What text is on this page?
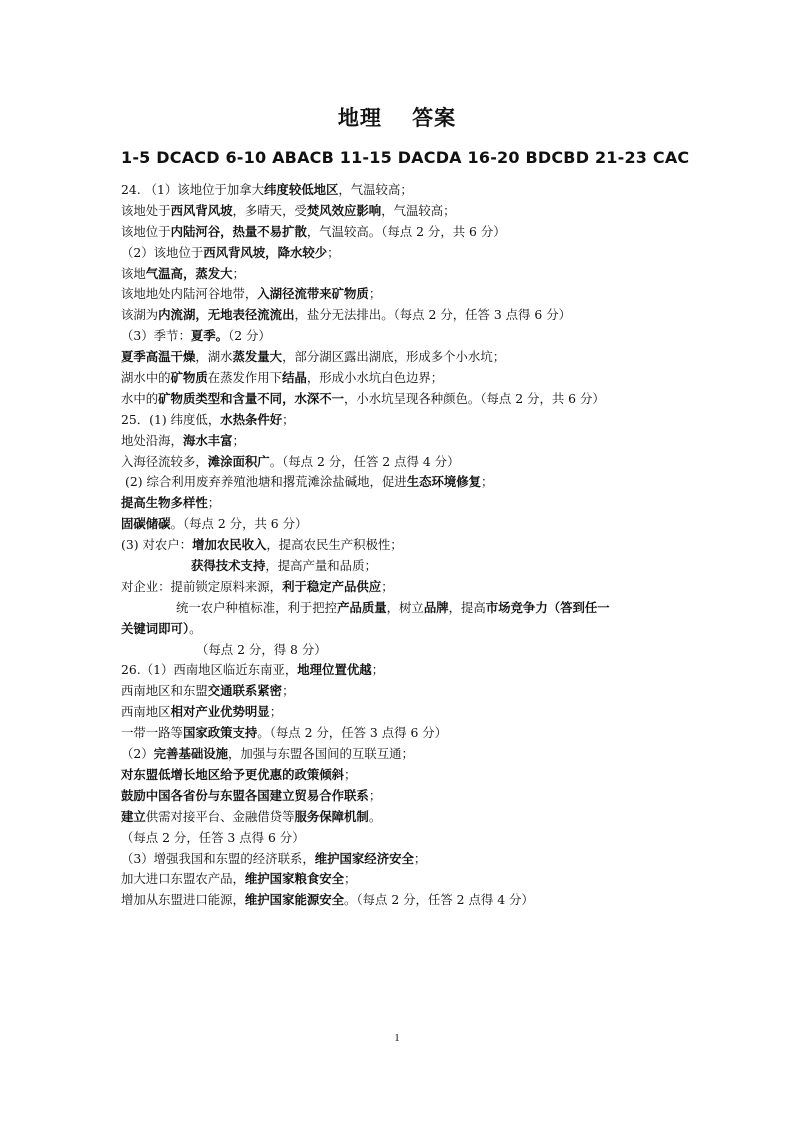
地理　 答案
1-5 DCACD 6-10 ABACB 11-15 DACDA 16-20 BDCBD 21-23 CAC
24. （1）该地位于加拿大纬度较低地区，气温较高；
该地处于西风背风坡，多晴天，受焚风效应影响，气温较高；
该地位于内陆河谷，热量不易扩散，气温较高。（每点 2 分，共 6 分）
（2）该地位于西风背风坡，降水较少；
该地气温高，蒸发大；
该地地处内陆河谷地带，入湖径流带来矿物质；
该湖为内流湖，无地表径流流出，盐分无法排出。（每点 2 分，任答 3 点得 6 分）
（3）季节：夏季。（2 分）
夏季高温干燥，湖水蒸发量大，部分湖区露出湖底，形成多个小水坑；
湖水中的矿物质在蒸发作用下结晶，形成小水坑白色边界；
水中的矿物质类型和含量不同，水深不一，小水坑呈现各种颜色。（每点 2 分，共 6 分）
25．(1) 纬度低，水热条件好；
地处沿海，海水丰富；
入海径流较多，滩涂面积广。（每点 2 分，任答 2 点得 4 分）
(2) 综合利用废弃养殖池塘和撂荒滩涂盐碱地，促进生态环境修复；
提高生物多样性；
固碳储碳。（每点 2 分，共 6 分）
(3) 对农户：增加农民收入，提高农民生产积极性；
获得技术支持，提高产量和品质；
对企业：提前锁定原料来源，利于稳定产品供应；
统一农户种植标准，利于把控产品质量，树立品牌，提高市场竞争力（答到任一
关键词即可）。
（每点 2 分，得 8 分）
26.（1）西南地区临近东南亚，地理位置优越；
西南地区和东盟交通联系紧密；
西南地区相对产业优势明显；
一带一路等国家政策支持。（每点 2 分，任答 3 点得 6 分）
（2）完善基础设施，加强与东盟各国间的互联互通；
对东盟低增长地区给予更优惠的政策倾斜；
鼓励中国各省份与东盟各国建立贸易合作联系；
建立供需对接平台、金融借贷等服务保障机制。
（每点 2 分，任答 3 点得 6 分）
（3）增强我国和东盟的经济联系，维护国家经济安全；
加大进口东盟农产品，维护国家粮食安全；
增加从东盟进口能源，维护国家能源安全。（每点 2 分，任答 2 点得 4 分）
1
